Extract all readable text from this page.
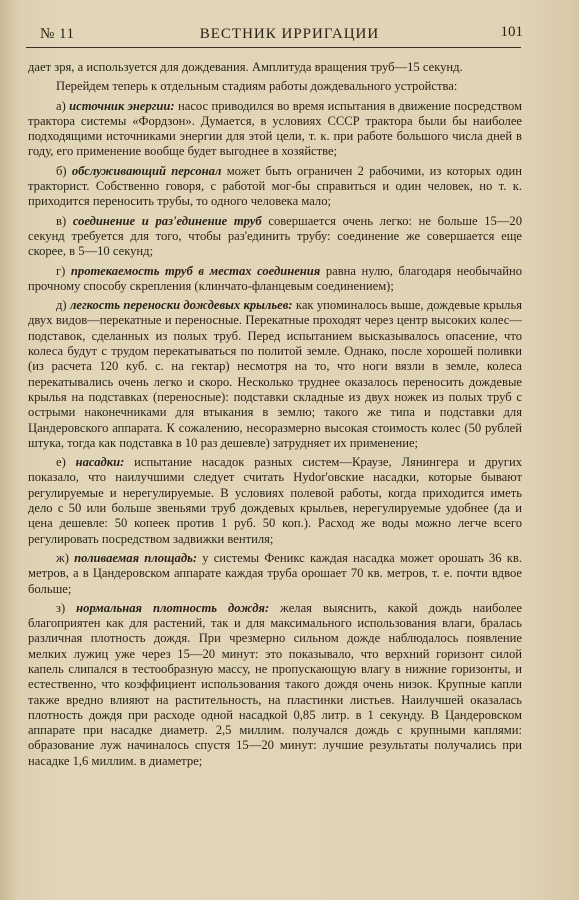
№ 11	ВЕСТНИК ИРРИГАЦИИ	101

дает зря, а используется для дождевания. Амплитуда вращения труб—15 секунд.

Перейдем теперь к отдельным стадиям работы дождевального устройства:

а) источник энергии: насос приводился во время испытания в движение посредством трактора системы «Фордзон». Думается, в условиях СССР трактора были бы наиболее подходящими источниками энергии для этой цели, т. к. при работе большого числа дней в году, его применение вообще будет выгоднее в хозяйстве;

б) обслуживающий персонал может быть ограничен 2 рабочими, из которых один тракторист. Собственно говоря, с работой мог-бы справиться и один человек, но т. к. приходится переносить трубы, то одного человека мало;

в) соединение и раз'единение труб совершается очень легко: не больше 15—20 секунд требуется для того, чтобы раз'единить трубу: соединение же совершается еще скорее, в 5—10 секунд;

г) протекаемость труб в местах соединения равна нулю, благодаря необычайно прочному способу скрепления (клинчато-фланцевым соединением);

д) легкость переноски дождевых крыльев: как упоминалось выше, дождевые крылья двух видов—перекатные и переносные. Перекатные проходят через центр высоких колес—подставок, сделанных из полых труб. Перед испытанием высказывалось опасение, что колеса будут с трудом перекатываться по политой земле. Однако, после хорошей поливки (из расчета 120 куб. с. на гектар) несмотря на то, что ноги вязли в земле, колеса перекатывались очень легко и скоро. Несколько труднее оказалось переносить дождевые крылья на подставках (переносные): подставки складные из двух ножек из полых труб с острыми наконечниками для втыкания в землю; такого же типа и подставки для Цандеровского аппарата. К сожалению, несоразмерно высокая стоимость колес (50 рублей штука, тогда как подставка в 10 раз дешевле) затрудняет их применение;

е) насадки: испытание насадок разных систем—Краузе, Лянингера и других показало, что наилучшими следует считать Hydor'овские насадки, которые бывают регулируемые и нерегулируемые. В условиях полевой работы, когда приходится иметь дело с 50 или больше звеньями труб дождевых крыльев, нерегулируемые удобнее (да и цена дешевле: 50 копеек против 1 руб. 50 коп.). Расход же воды можно легче всего регулировать посредством задвижки вентиля;

ж) поливаемая площадь: у системы Феникс каждая насадка может орошать 36 кв. метров, а в Цандеровском аппарате каждая труба орошает 70 кв. метров, т. е. почти вдвое больше;

з) нормальная плотность дождя: желая выяснить, какой дождь наиболее благоприятен как для растений, так и для максимального использования влаги, бралась различная плотность дождя. При чрезмерно сильном дожде наблюдалось появление мелких лужиц уже через 15—20 минут: это показывало, что верхний горизонт силой капель слипался в тестообразную массу, не пропускающую влагу в нижние горизонты, и естественно, что коэффициент использования такого дождя очень низок. Крупные капли также вредно влияют на растительность, на пластинки листьев. Наилучшей оказалась плотность дождя при расходе одной насадкой 0,85 литр. в 1 секунду. В Цандеровском аппарате при насадке диаметр. 2,5 миллим. получался дождь с крупными каплями: образование луж начиналось спустя 15—20 минут: лучшие результаты получались при насадке 1,6 миллим. в диаметре;
